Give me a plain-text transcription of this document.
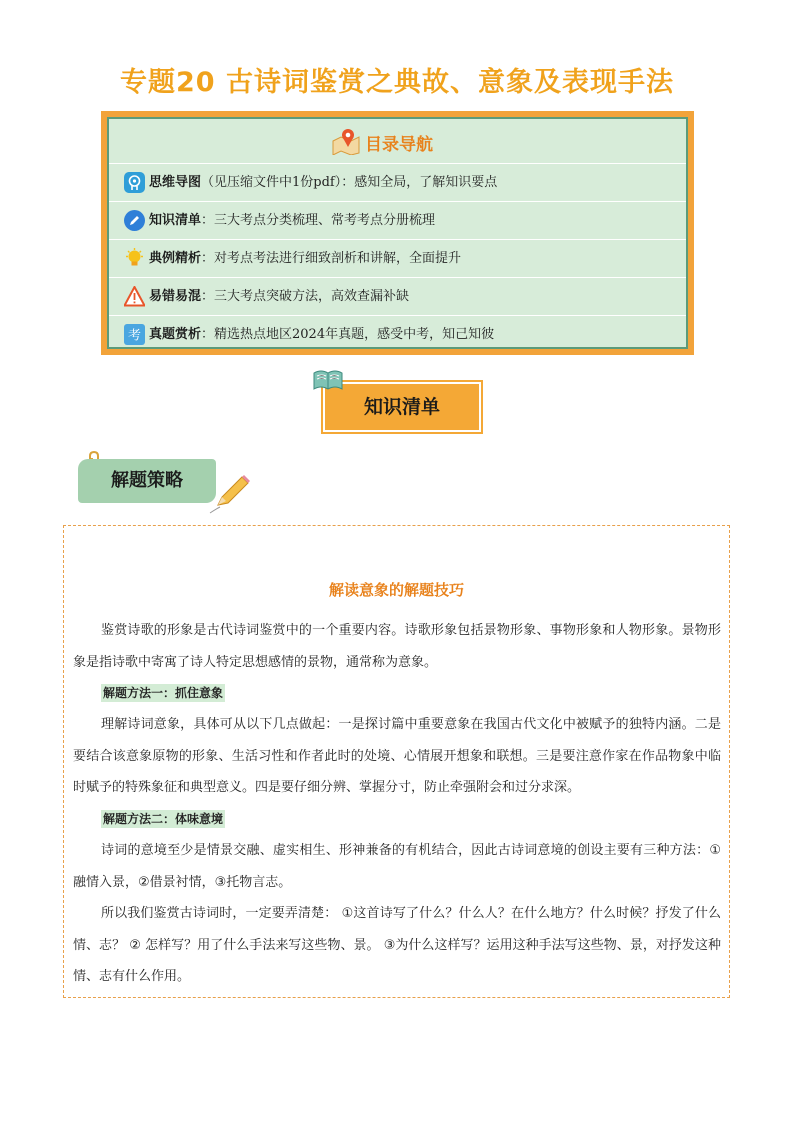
专题20 古诗词鉴赏之典故、意象及表现手法
目录导航
思维导图（见压缩文件中1份pdf）：感知全局，了解知识要点
知识清单：三大考点分类梳理、常考考点分册梳理
典例精析：对考点考法进行细致剖析和讲解，全面提升
易错易混：三大考点突破方法，高效查漏补缺
考 真题赏析：精选热点地区2024年真题，感受中考，知己知彼
知识清单
解题策略
解读意象的解题技巧

鉴赏诗歌的形象是古代诗词鉴赏中的一个重要内容。诗歌形象包括景物形象、事物形象和人物形象。景物形象是指诗歌中寄寓了诗人特定思想感情的景物，通常称为意象。

解题方法一：抓住意象

理解诗词意象，具体可从以下几点做起：一是探讨篇中重要意象在我国古代文化中被赋予的独特内涵。二是要结合该意象原物的形象、生活习性和作者此时的处境、心情展开想象和联想。三是要注意作家在作品物象中临时赋予的特殊象征和典型意义。四是要仔细分辨、掌握分寸，防止牵强附会和过分求深。

解题方法二：体味意境

诗词的意境至少是情景交融、虚实相生、形神兼备的有机结合，因此古诗词意境的创设主要有三种方法：①融情入景，②借景衬情，③托物言志。

所以我们鉴赏古诗词时，一定要弄清楚： ①这首诗写了什么？什么人？在什么地方？什么时候？抒发了什么情、志？ ② 怎样写？用了什么手法来写这些物、景。 ③为什么这样写？运用这种手法写这些物、景，对抒发这种情、志有什么作用。
